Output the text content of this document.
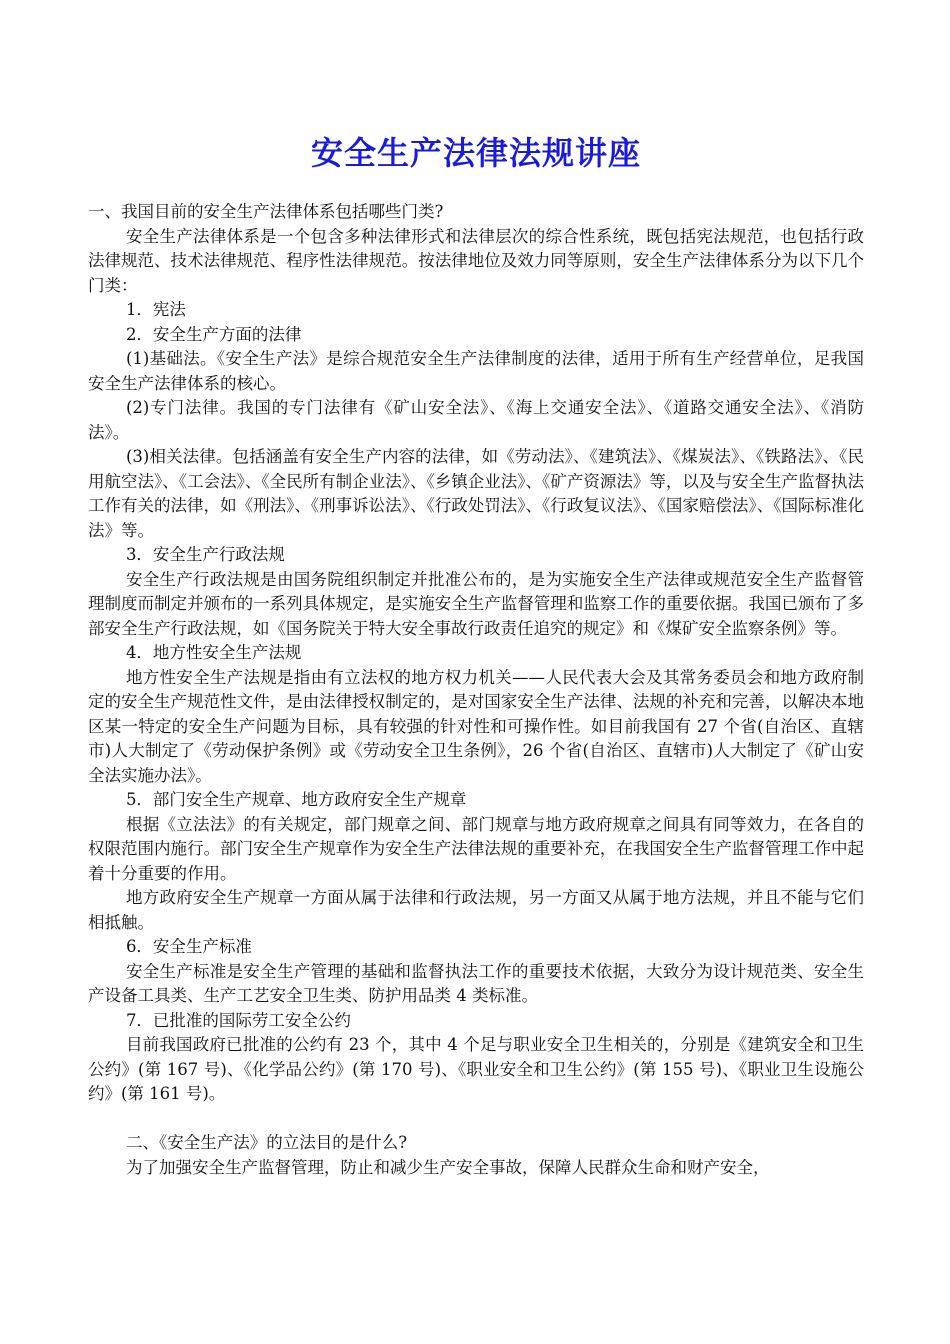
安全生产法律法规讲座

一、我国目前的安全生产法律体系包括哪些门类?

安全生产法律体系是一个包含多种法律形式和法律层次的综合性系统，既包括宪法规范，也包括行政法律规范、技术法律规范、程序性法律规范。按法律地位及效力同等原则，安全生产法律体系分为以下几个门类：

1．宪法

2．安全生产方面的法律

(1)基础法。《安全生产法》是综合规范安全生产法律制度的法律，适用于所有生产经营单位，足我国安全生产法律体系的核心。

(2)专门法律。我国的专门法律有《矿山安全法》、《海上交通安全法》、《道路交通安全法》、《消防法》。

(3)相关法律。包括涵盖有安全生产内容的法律，如《劳动法》、《建筑法》、《煤炭法》、《铁路法》、《民用航空法》、《工会法》、《全民所有制企业法》、《乡镇企业法》、《矿产资源法》等，以及与安全生产监督执法工作有关的法律，如《刑法》、《刑事诉讼法》、《行政处罚法》、《行政复议法》、《国家赔偿法》、《国际标准化法》等。

3．安全生产行政法规

安全生产行政法规是由国务院组织制定并批准公布的，是为实施安全生产法律或规范安全生产监督管理制度而制定并颁布的一系列具体规定，是实施安全生产监督管理和监察工作的重要依据。我国已颁布了多部安全生产行政法规，如《国务院关于特大安全事故行政责任追究的规定》和《煤矿安全监察条例》等。

4．地方性安全生产法规

地方性安全生产法规是指由有立法权的地方权力机关——人民代表大会及其常务委员会和地方政府制定的安全生产规范性文件，是由法律授权制定的，是对国家安全生产法律、法规的补充和完善，以解决本地区某一特定的安全生产问题为目标，具有较强的针对性和可操作性。如目前我国有 27 个省(自治区、直辖市)人大制定了《劳动保护条例》或《劳动安全卫生条例》，26 个省(自治区、直辖市)人大制定了《矿山安全法实施办法》。

5．部门安全生产规章、地方政府安全生产规章

根据《立法法》的有关规定，部门规章之间、部门规章与地方政府规章之间具有同等效力，在各自的权限范围内施行。部门安全生产规章作为安全生产法律法规的重要补充，在我国安全生产监督管理工作中起着十分重要的作用。

地方政府安全生产规章一方面从属于法律和行政法规，另一方面又从属于地方法规，并且不能与它们相抵触。

6．安全生产标准

安全生产标准是安全生产管理的基础和监督执法工作的重要技术依据，大致分为设计规范类、安全生产设备工具类、生产工艺安全卫生类、防护用品类 4 类标准。

7．已批准的国际劳工安全公约

目前我国政府已批准的公约有 23 个，其中 4 个足与职业安全卫生相关的，分别是《建筑安全和卫生公约》(第 167 号)、《化学品公约》(第 170 号)、《职业安全和卫生公约》(第 155 号)、《职业卫生设施公约》(第 161 号)。

二、《安全生产法》的立法目的是什么?

为了加强安全生产监督管理，防止和减少生产安全事故，保障人民群众生命和财产安全，
